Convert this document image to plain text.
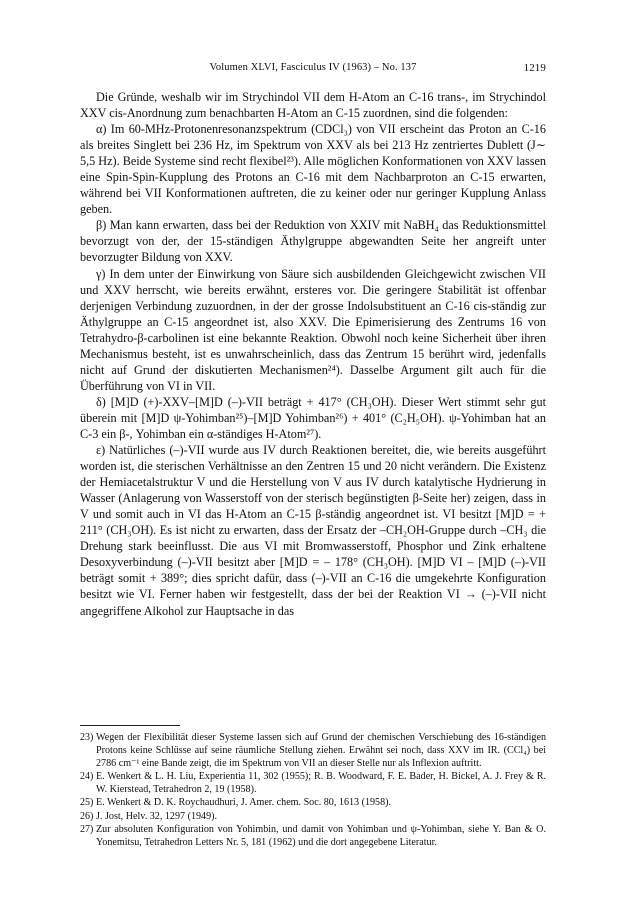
Volumen XLVI, Fasciculus IV (1963) – No. 137	1219

Die Gründe, weshalb wir im Strychindol VII dem H-Atom an C-16 trans-, im Strychindol XXV cis-Anordnung zum benachbarten H-Atom an C-15 zuordnen, sind die folgenden:

α) Im 60-MHz-Protonenresonanzspektrum (CDCl₃) von VII erscheint das Proton an C-16 als breites Singlett bei 236 Hz, im Spektrum von XXV als bei 213 Hz zentriertes Dublett (J∼ 5,5 Hz). Beide Systeme sind recht flexibel²³). Alle möglichen Konformationen von XXV lassen eine Spin-Spin-Kupplung des Protons an C-16 mit dem Nachbarproton an C-15 erwarten, während bei VII Konformationen auftreten, die zu keiner oder nur geringer Kupplung Anlass geben.

β) Man kann erwarten, dass bei der Reduktion von XXIV mit NaBH₄ das Reduktionsmittel bevorzugt von der, der 15-ständigen Äthylgruppe abgewandten Seite her angreift unter bevorzugter Bildung von XXV.

γ) In dem unter der Einwirkung von Säure sich ausbildenden Gleichgewicht zwischen VII und XXV herrscht, wie bereits erwähnt, ersteres vor. Die geringere Stabilität ist offenbar derjenigen Verbindung zuzuordnen, in der der grosse Indolsubstituent an C-16 cis-ständig zur Äthylgruppe an C-15 angeordnet ist, also XXV. Die Epimerisierung des Zentrums 16 von Tetrahydro-β-carbolinen ist eine bekannte Reaktion. Obwohl noch keine Sicherheit über ihren Mechanismus besteht, ist es unwahrscheinlich, dass das Zentrum 15 berührt wird, jedenfalls nicht auf Grund der diskutierten Mechanismen²⁴). Dasselbe Argument gilt auch für die Überführung von VI in VII.

δ) [M]D (+)-XXV–[M]D (–)-VII beträgt + 417° (CH₃OH). Dieser Wert stimmt sehr gut überein mit [M]D ψ-Yohimban²⁵)–[M]D Yohimban²⁶) + 401° (C₂H₅OH). ψ-Yohimban hat an C-3 ein β-, Yohimban ein α-ständiges H-Atom²⁷).

ε) Natürliches (–)-VII wurde aus IV durch Reaktionen bereitet, die, wie bereits ausgeführt worden ist, die sterischen Verhältnisse an den Zentren 15 und 20 nicht verändern. Die Existenz der Hemiacetalstruktur V und die Herstellung von V aus IV durch katalytische Hydrierung in Wasser (Anlagerung von Wasserstoff von der sterisch begünstigten β-Seite her) zeigen, dass in V und somit auch in VI das H-Atom an C-15 β-ständig angeordnet ist. VI besitzt [M]D = + 211° (CH₃OH). Es ist nicht zu erwarten, dass der Ersatz der –CH₂OH-Gruppe durch –CH₃ die Drehung stark beeinflusst. Die aus VI mit Bromwasserstoff, Phosphor und Zink erhaltene Desoxyverbindung (–)-VII besitzt aber [M]D = – 178° (CH₃OH). [M]D VI – [M]D (–)-VII beträgt somit + 389°; dies spricht dafür, dass (–)-VII an C-16 die umgekehrte Konfiguration besitzt wie VI. Ferner haben wir festgestellt, dass der bei der Reaktion VI → (–)-VII nicht angegriffene Alkohol zur Hauptsache in das

23) Wegen der Flexibilität dieser Systeme lassen sich auf Grund der chemischen Verschiebung des 16-ständigen Protons keine Schlüsse auf seine räumliche Stellung ziehen. Erwähnt sei noch, dass XXV im IR. (CCl₄) bei 2786 cm⁻¹ eine Bande zeigt, die im Spektrum von VII an dieser Stelle nur als Inflexion auftritt.
24) E. Wenkert & L. H. Liu, Experientia 11, 302 (1955); R. B. Woodward, F. E. Bader, H. Bickel, A. J. Frey & R. W. Kierstead, Tetrahedron 2, 19 (1958).
25) E. Wenkert & D. K. Roychaudhuri, J. Amer. chem. Soc. 80, 1613 (1958).
26) J. Jost, Helv. 32, 1297 (1949).
27) Zur absoluten Konfiguration von Yohimbin, und damit von Yohimban und ψ-Yohimban, siehe Y. Ban & O. Yonemitsu, Tetrahedron Letters Nr. 5, 181 (1962) und die dort angegebene Literatur.
